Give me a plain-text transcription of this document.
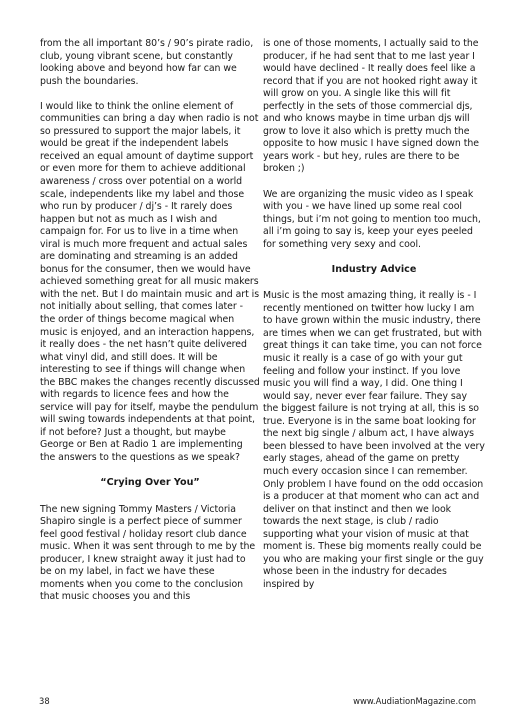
from the all important 80’s / 90’s pirate radio, club, young vibrant scene, but constantly looking above and beyond how far can we push the boundaries.

I would like to think the online element of communities can bring a day when radio is not so pressured to support the major labels, it would be great if the independent labels received an equal amount of daytime support or even more for them to achieve additional awareness / cross over potential on a world scale, independents like my label and those who run by producer / dj’s - It rarely does happen but not as much as I wish and campaign for. For us to live in a time when viral is much more frequent and actual sales are dominating and streaming is an added bonus for the consumer, then we would have achieved something great for all music makers with the net. But I do maintain music and art is not initially about selling, that comes later - the order of things become magical when music is enjoyed, and an interaction happens, it really does - the net hasn’t quite delivered what vinyl did, and still does. It will be interesting to see if things will change when the BBC makes the changes recently discussed with regards to licence fees and how the service will pay for itself, maybe the pendulum will swing towards independents at that point, if not before? Just a thought, but maybe George or Ben at Radio 1 are implementing the answers to the questions as we speak?

“Crying Over You”

The new signing Tommy Masters / Victoria Shapiro single is a perfect piece of summer feel good festival / holiday resort club dance music. When it was sent through to me by the producer, I knew straight away it just had to be on my label, in fact we have these moments when you come to the conclusion that music chooses you and this

is one of those moments, I actually said to the producer, if he had sent that to me last year I would have declined - It really does feel like a record that if you are not hooked right away it will grow on you. A single like this will fit perfectly in the sets of those commercial djs, and who knows maybe in time urban djs will grow to love it also which is pretty much the opposite to how music I have signed down the years work - but hey, rules are there to be broken ;)

We are organizing the music video as I speak with you - we have lined up some real cool things, but i’m not going to mention too much, all i’m going to say is, keep your eyes peeled for something very sexy and cool.

Industry Advice

Music is the most amazing thing, it really is - I recently mentioned on twitter how lucky I am to have grown within the music industry, there are times when we can get frustrated, but with great things it can take time, you can not force music it really is a case of go with your gut feeling and follow your instinct. If you love music you will find a way, I did. One thing I would say, never ever fear failure. They say the biggest failure is not trying at all, this is so true. Everyone is in the same boat looking for the next big single / album act, I have always been blessed to have been involved at the very early stages, ahead of the game on pretty much every occasion since I can remember. Only problem I have found on the odd occasion is a producer at that moment who can act and deliver on that instinct and then we look towards the next stage, is club / radio supporting what your vision of music at that moment is. These big moments really could be you who are making your first single or the guy whose been in the industry for decades inspired by

38	www.AudiationMagazine.com
